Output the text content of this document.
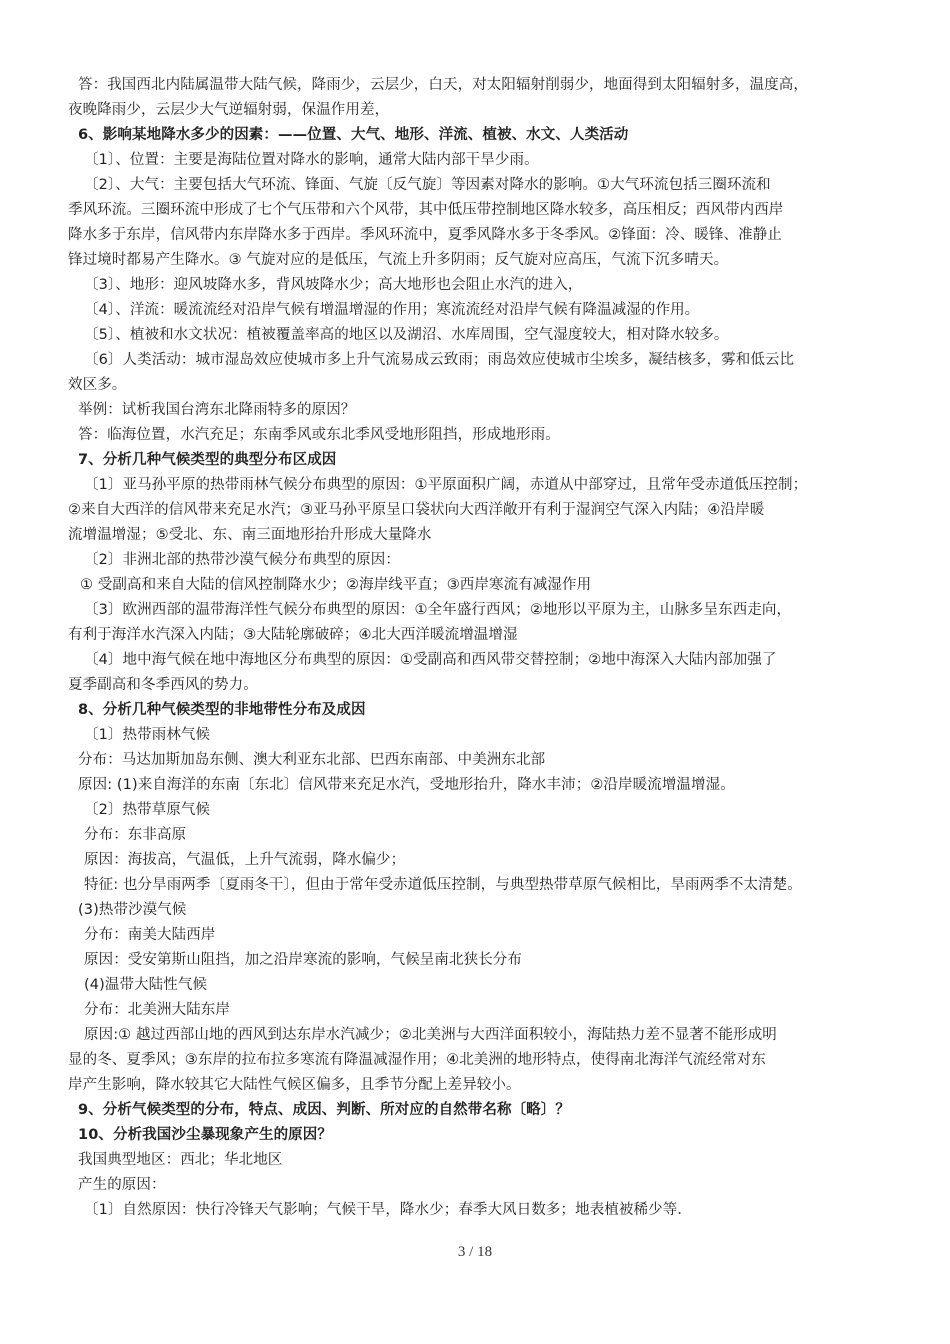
答：我国西北内陆属温带大陆气候，降雨少，云层少，白天，对太阳辐射削弱少，地面得到太阳辐射多，温度高，
夜晚降雨少，云层少大气逆辐射弱，保温作用差，
6、影响某地降水多少的因素：——位置、大气、地形、洋流、植被、水文、人类活动
〔1〕、位置：主要是海陆位置对降水的影响，通常大陆内部干旱少雨。
〔2〕、大气：主要包括大气环流、锋面、气旋〔反气旋〕等因素对降水的影响。①大气环流包括三圈环流和
季风环流。三圈环流中形成了七个气压带和六个风带，其中低压带控制地区降水较多，高压相反；西风带内西岸
降水多于东岸，信风带内东岸降水多于西岸。季风环流中，夏季风降水多于冬季风。②锋面：冷、暖锋、准静止
锋过境时都易产生降水。③ 气旋对应的是低压，气流上升多阴雨；反气旋对应高压，气流下沉多晴天。
〔3〕、地形：迎风坡降水多，背风坡降水少；高大地形也会阻止水汽的进入，
〔4〕、洋流：暖流流经对沿岸气候有增温增湿的作用；寒流流经对沿岸气候有降温减湿的作用。
〔5〕、植被和水文状况：植被覆盖率高的地区以及湖沼、水库周围，空气湿度较大，相对降水较多。
〔6〕人类活动：城市湿岛效应使城市多上升气流易成云致雨；雨岛效应使城市尘埃多，凝结核多，雾和低云比
效区多。
举例：试析我国台湾东北降雨特多的原因？
答：临海位置，水汽充足；东南季风或东北季风受地形阻挡，形成地形雨。
7、分析几种气候类型的典型分布区成因
〔1〕亚马孙平原的热带雨林气候分布典型的原因：①平原面积广阔，赤道从中部穿过，且常年受赤道低压控制；
②来自大西洋的信风带来充足水汽；③亚马孙平原呈口袋状向大西洋敞开有利于湿润空气深入内陆；④沿岸暖
流增温增湿；⑤受北、东、南三面地形抬升形成大量降水
〔2〕非洲北部的热带沙漠气候分布典型的原因：
① 受副高和来自大陆的信风控制降水少；②海岸线平直；③西岸寒流有减湿作用
〔3〕欧洲西部的温带海洋性气候分布典型的原因：①全年盛行西风；②地形以平原为主，山脉多呈东西走向，
有利于海洋水汽深入内陆；③大陆轮廓破碎；④北大西洋暖流增温增湿
〔4〕地中海气候在地中海地区分布典型的原因：①受副高和西风带交替控制；②地中海深入大陆内部加强了
夏季副高和冬季西风的势力。
8、分析几种气候类型的非地带性分布及成因
〔1〕热带雨林气候
分布：马达加斯加岛东侧、澳大利亚东北部、巴西东南部、中美洲东北部
原因: (1)来自海洋的东南〔东北〕信风带来充足水汽，受地形抬升，降水丰沛；②沿岸暖流增温增湿。
〔2〕热带草原气候
分布：东非高原
原因：海拔高，气温低，上升气流弱，降水偏少；
特征: 也分旱雨两季〔夏雨冬干〕，但由于常年受赤道低压控制，与典型热带草原气候相比，旱雨两季不太清楚。
(3)热带沙漠气候
分布：南美大陆西岸
原因：受安第斯山阻挡，加之沿岸寒流的影响，气候呈南北狭长分布
(4)温带大陆性气候
分布：北美洲大陆东岸
原因:① 越过西部山地的西风到达东岸水汽减少；②北美洲与大西洋面积较小，海陆热力差不显著不能形成明
显的冬、夏季风；③东岸的拉布拉多寒流有降温减湿作用；④北美洲的地形特点，使得南北海洋气流经常对东
岸产生影响，降水较其它大陆性气候区偏多，且季节分配上差异较小。
9、分析气候类型的分布，特点、成因、判断、所对应的自然带名称〔略〕？
10、分析我国沙尘暴现象产生的原因？
我国典型地区：西北；华北地区
产生的原因：
〔1〕自然原因：快行冷锋天气影响；气候干旱，降水少；春季大风日数多；地表植被稀少等．
3 / 18
